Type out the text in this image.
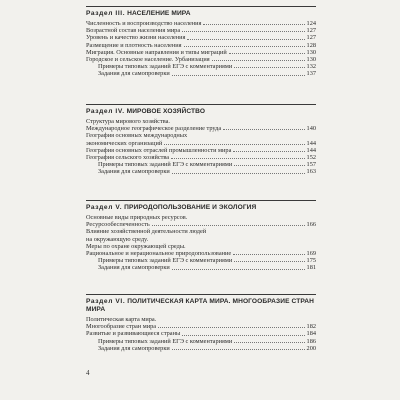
Раздел III. НАСЕЛЕНИЕ МИРА
Численность и воспроизводство населения	124
Возрастной состав населения мира	127
Уровень и качество жизни населения	127
Размещение и плотность населения	128
Миграция. Основные направления и типы миграций	130
Городское и сельское население. Урбанизация	130
Примеры типовых заданий ЕГЭ с комментариями	132
Задания для самопроверки	137
Раздел IV. МИРОВОЕ ХОЗЯЙСТВО
Структура мирового хозяйства.
Международное географическое разделение труда	140
География основных международных
экономических организаций	144
География основных отраслей промышленности мира	144
География сельского хозяйства	152
Примеры типовых заданий ЕГЭ с комментариями	157
Задания для самопроверки	163
Раздел V. ПРИРОДОПОЛЬЗОВАНИЕ И ЭКОЛОГИЯ
Основные виды природных ресурсов.
Ресурсообеспеченность	166
Влияние хозяйственной деятельности людей
на окружающую среду.
Меры по охране окружающей среды.
Рациональное и нерациональное природопользование	169
Примеры типовых заданий ЕГЭ с комментариями	175
Задания для самопроверки	181
Раздел VI. ПОЛИТИЧЕСКАЯ КАРТА МИРА. МНОГООБРАЗИЕ СТРАН МИРА
Политическая карта мира.
Многообразие стран мира	182
Развитые и развивающиеся страны	184
Примеры типовых заданий ЕГЭ с комментариями	186
Задания для самопроверки	200
4
